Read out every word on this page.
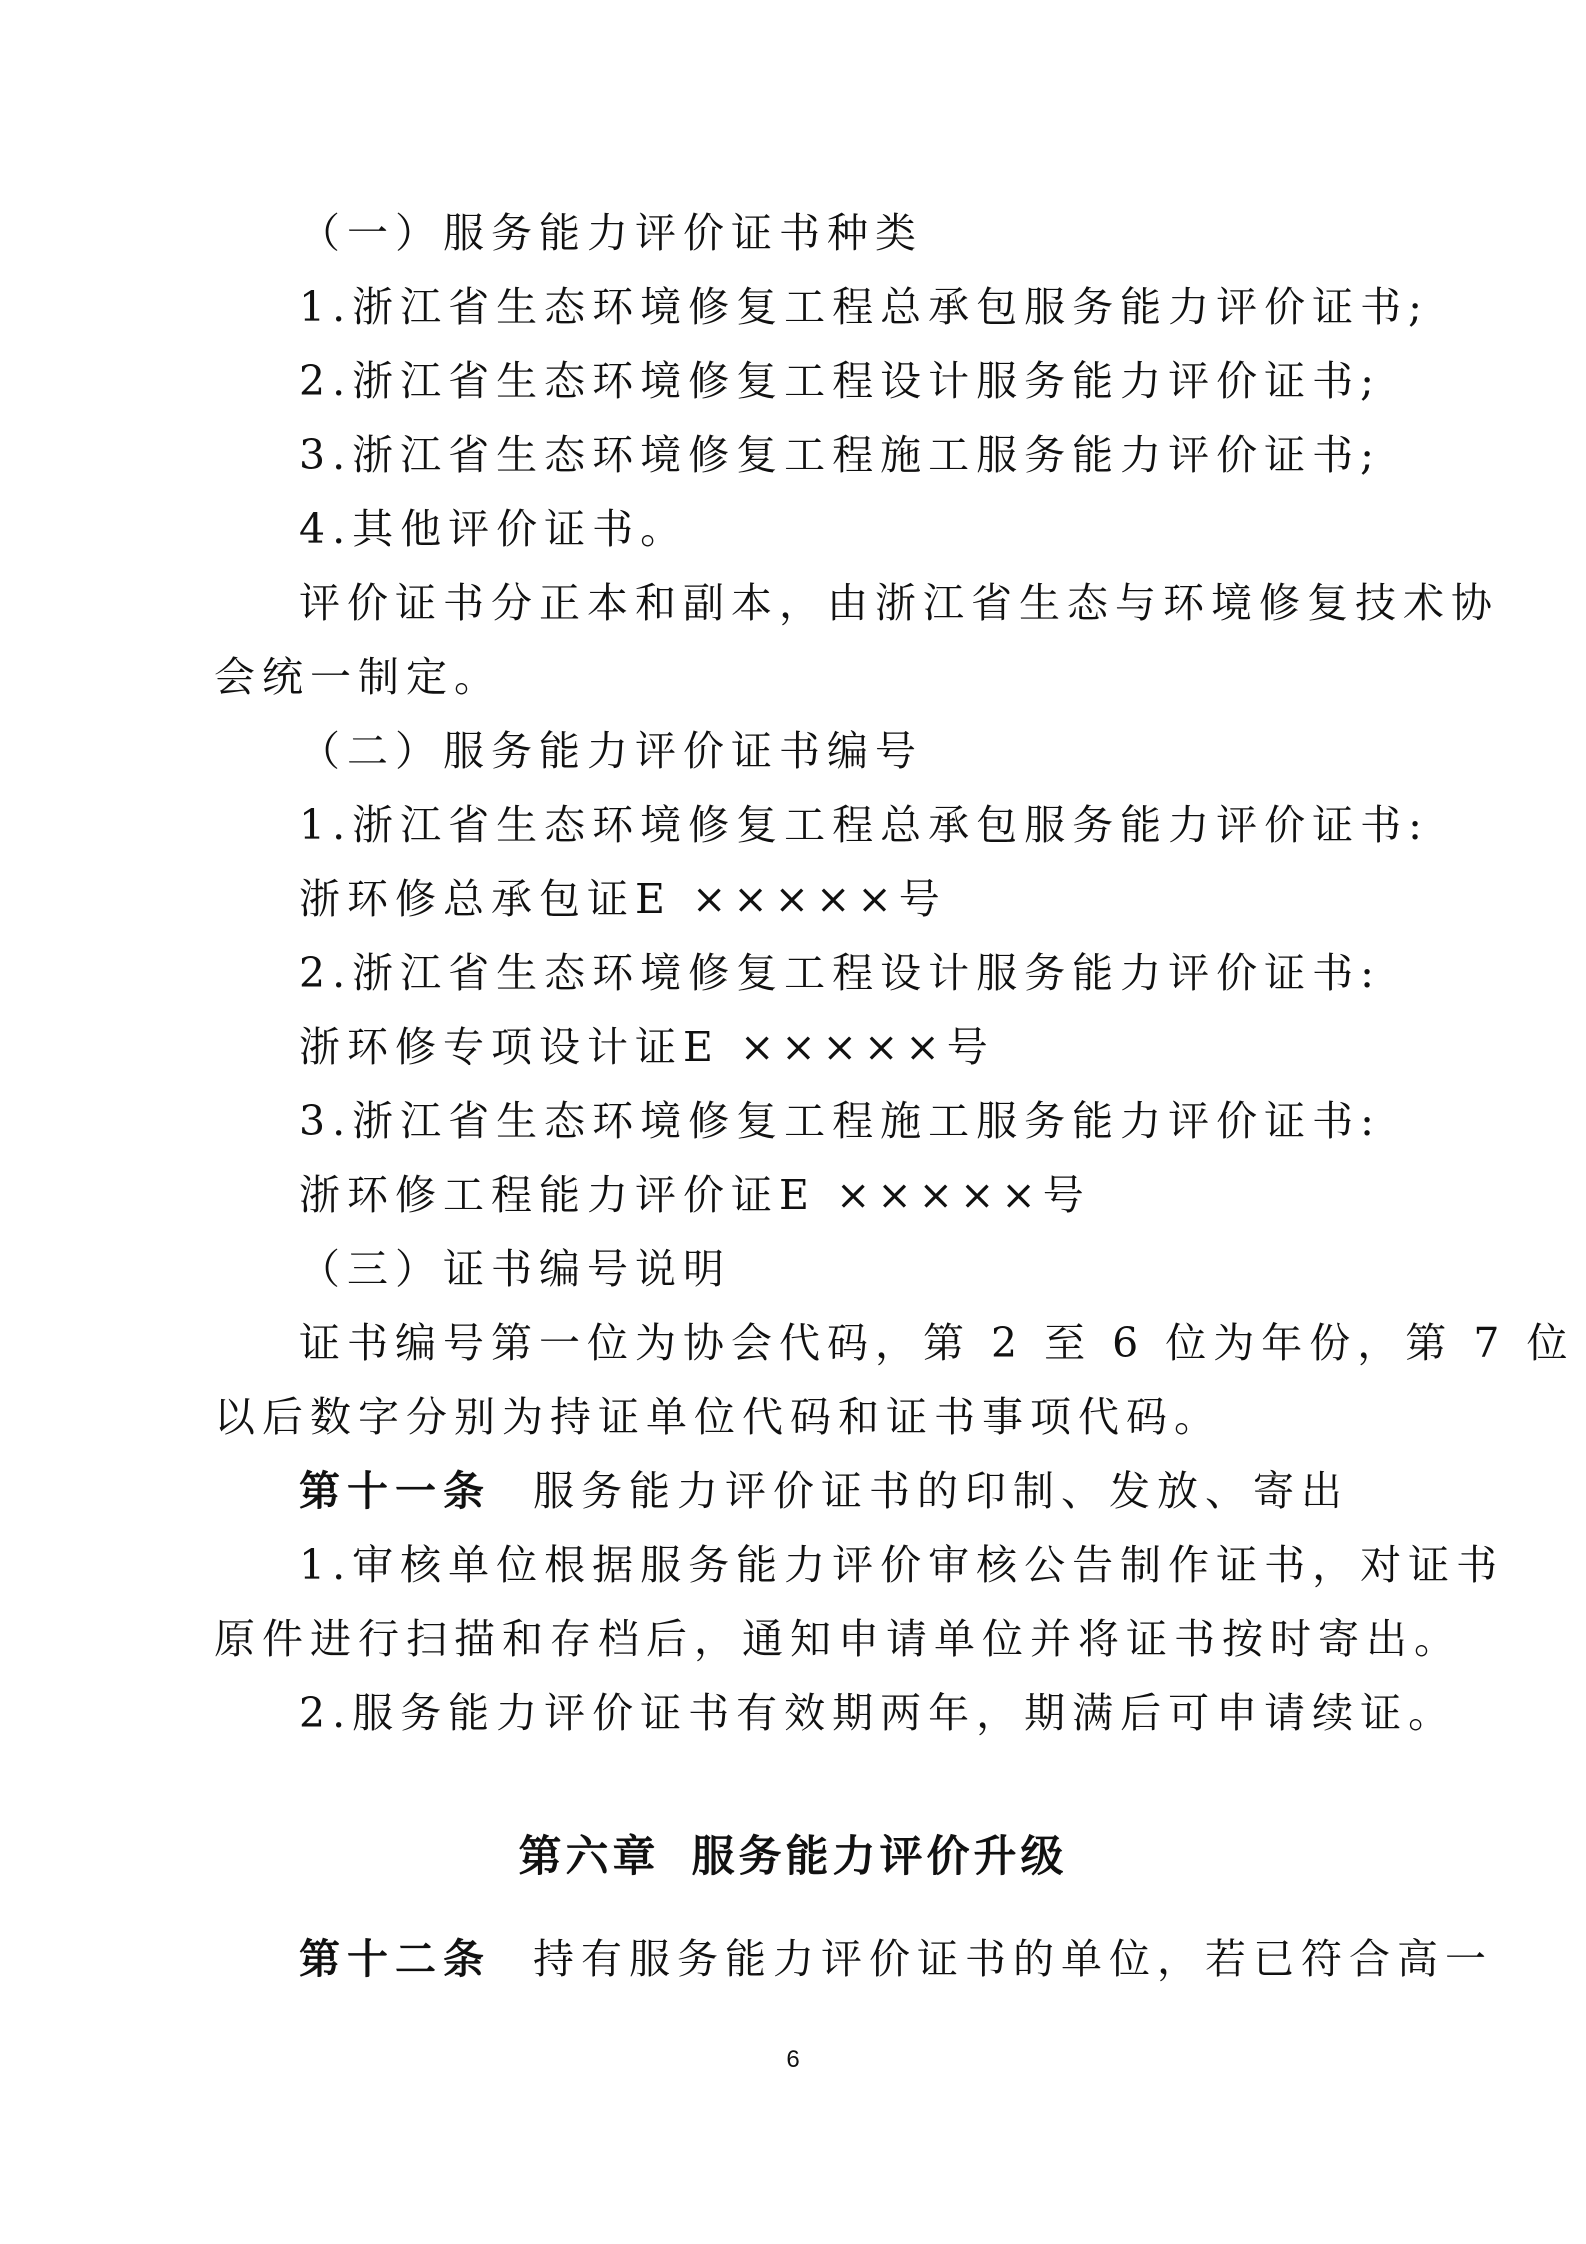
（一）服务能力评价证书种类
1.浙江省生态环境修复工程总承包服务能力评价证书;
2.浙江省生态环境修复工程设计服务能力评价证书;
3.浙江省生态环境修复工程施工服务能力评价证书;
4.其他评价证书。
评价证书分正本和副本，由浙江省生态与环境修复技术协
会统一制定。
（二）服务能力评价证书编号
1.浙江省生态环境修复工程总承包服务能力评价证书:
浙环修总承包证E ×××××号
2.浙江省生态环境修复工程设计服务能力评价证书:
浙环修专项设计证E ×××××号
3.浙江省生态环境修复工程施工服务能力评价证书:
浙环修工程能力评价证E ×××××号
（三）证书编号说明
证书编号第一位为协会代码，第 2 至 6 位为年份，第 7 位
以后数字分别为持证单位代码和证书事项代码。
第十一条 服务能力评价证书的印制、发放、寄出
1.审核单位根据服务能力评价审核公告制作证书，对证书
原件进行扫描和存档后，通知申请单位并将证书按时寄出。
2.服务能力评价证书有效期两年，期满后可申请续证。
第六章 服务能力评价升级
第十二条 持有服务能力评价证书的单位，若已符合高一
6
